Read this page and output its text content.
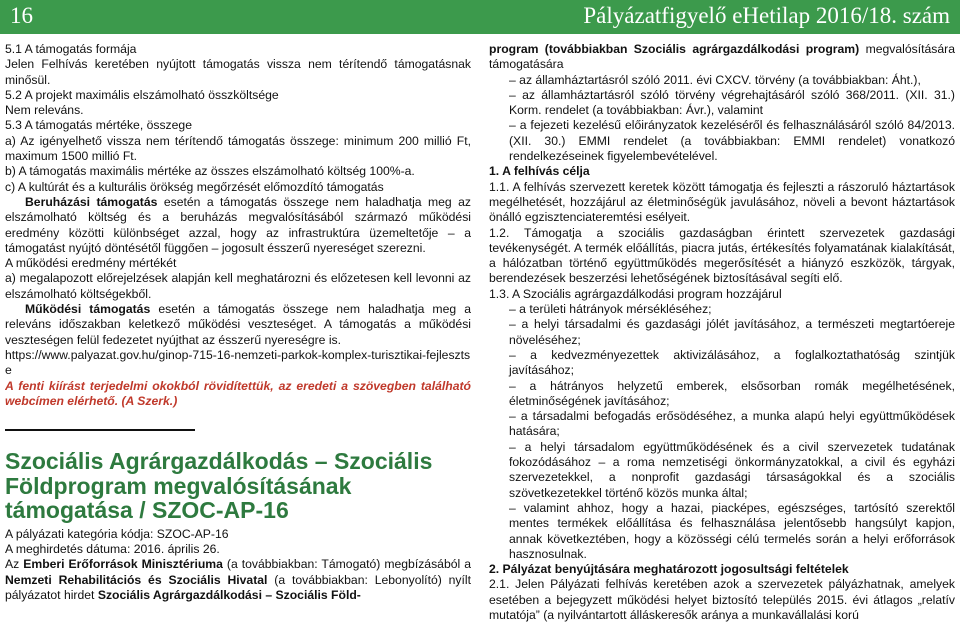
16	Pályázatfigyelő eHetilap 2016/18. szám

5.1 A támogatás formája

Jelen Felhívás keretében nyújtott támogatás vissza nem térítendő támogatásnak minősül.

5.2 A projekt maximális elszámolható összköltsége

Nem releváns.

5.3 A támogatás mértéke, összege

a) Az igényelhető vissza nem térítendő támogatás összege: minimum 200 millió Ft, maximum 1500 millió Ft.

b) A támogatás maximális mértéke az összes elszámolható költség 100%-a.

c) A kultúrát és a kulturális örökség megőrzését előmozdító támogatás

Beruházási támogatás esetén a támogatás összege nem haladhatja meg az elszámolható költség és a beruházás megvalósításából származó működési eredmény közötti különbséget azzal, hogy az infrastruktúra üzemeltetője – a támogatást nyújtó döntésétől függően – jogosult ésszerű nyereséget szerezni.

A működési eredmény mértékét

a) megalapozott előrejelzések alapján kell meghatározni és előzetesen kell levonni az elszámolható költségekből.

Működési támogatás esetén a támogatás összege nem haladhatja meg a releváns időszakban keletkező működési veszteséget. A támogatás a működési veszteségen felül fedezetet nyújthat az ésszerű nyereségre is.

https://www.palyazat.gov.hu/ginop-715-16-nemzeti-parkok-komplex-turisztikai-fejlesztse

A fenti kiírást terjedelmi okokból rövidítettük, az eredeti a szövegben található webcímen elérhető. (A Szerk.)

Szociális Agrárgazdálkodás – Szociális Földprogram megvalósításának támogatása / SZOC-AP-16

A pályázati kategória kódja: SZOC-AP-16

A meghirdetés dátuma: 2016. április 26.

Az Emberi Erőforrások Minisztériuma (a továbbiakban: Támogató) megbízásából a Nemzeti Rehabilitációs és Szociális Hivatal (a továbbiakban: Lebonyolító) nyílt pályázatot hirdet Szociális Agrárgazdálkodási – Szociális Föld-

program (továbbiakban Szociális agrárgazdálkodási program) megvalósítására támogatására

– az államháztartásról szóló 2011. évi CXCV. törvény (a továbbiakban: Áht.),

– az államháztartásról szóló törvény végrehajtásáról szóló 368/2011. (XII. 31.) Korm. rendelet (a továbbiakban: Ávr.), valamint

– a fejezeti kezelésű előirányzatok kezeléséről és felhasználásáról szóló 84/2013. (XII. 30.) EMMI rendelet (a továbbiakban: EMMI rendelet) vonatkozó rendelkezéseinek figyelembevételével.

1. A felhívás célja

1.1. A felhívás szervezett keretek között támogatja és fejleszti a rászoruló háztartások megélhetését, hozzájárul az életminőségük javulásához, növeli a bevont háztartások önálló egzisztenciateremtési esélyeit.

1.2. Támogatja a szociális gazdaságban érintett szervezetek gazdasági tevékenységét. A termék előállítás, piacra jutás, értékesítés folyamatának kialakítását, a hálózatban történő együttműködés megerősítését a hiányzó eszközök, tárgyak, berendezések beszerzési lehetőségének biztosításával segíti elő.

1.3. A Szociális agrárgazdálkodási program hozzájárul

– a területi hátrányok mérsékléséhez;

– a helyi társadalmi és gazdasági jólét javításához, a természeti megtartóereje növeléséhez;

– a kedvezményezettek aktivizálásához, a foglalkoztathatóság szintjük javításához;

– a hátrányos helyzetű emberek, elsősorban romák megélhetésének, életminőségének javításához;

– a társadalmi befogadás erősödéséhez, a munka alapú helyi együttműködések hatására;

– a helyi társadalom együttműködésének és a civil szervezetek tudatának fokozódásához – a roma nemzetiségi önkormányzatokkal, a civil és egyházi szervezetekkel, a nonprofit gazdasági társaságokkal és a szociális szövetkezetekkel történő közös munka által;

– valamint ahhoz, hogy a hazai, piacképes, egészséges, tartósító szerektől mentes termékek előállítása és felhasználása jelentősebb hangsúlyt kapjon, annak következtében, hogy a közösségi célú termelés során a helyi erőforrások hasznosulnak.

2. Pályázat benyújtására meghatározott jogosultsági feltételek

2.1. Jelen Pályázati felhívás keretében azok a szervezetek pályázhatnak, amelyek esetében a bejegyzett működési helyet biztosító település 2015. évi átlagos „relatív mutatója” (a nyilvántartott álláskeresők aránya a munkavállalási korú
